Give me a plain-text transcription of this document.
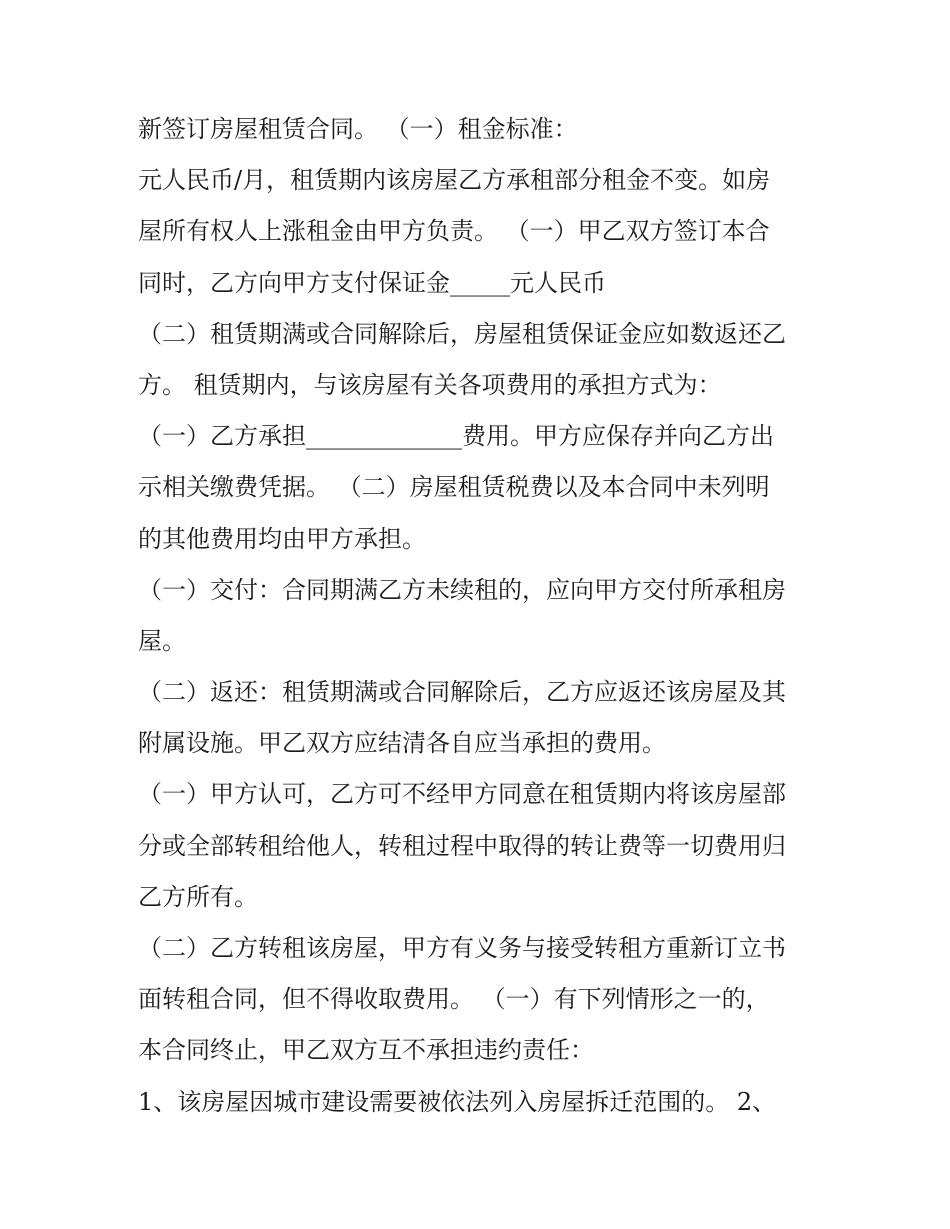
新签订房屋租赁合同。 （一）租金标准：
元人民币/月，租赁期内该房屋乙方承租部分租金不变。如房
屋所有权人上涨租金由甲方负责。 （一）甲乙双方签订本合
同时，乙方向甲方支付保证金_____元人民币
（二）租赁期满或合同解除后，房屋租赁保证金应如数返还乙
方。 租赁期内，与该房屋有关各项费用的承担方式为：
（一）乙方承担_____________费用。甲方应保存并向乙方出
示相关缴费凭据。 （二）房屋租赁税费以及本合同中未列明
的其他费用均由甲方承担。
（一）交付：合同期满乙方未续租的，应向甲方交付所承租房
屋。
（二）返还：租赁期满或合同解除后，乙方应返还该房屋及其
附属设施。甲乙双方应结清各自应当承担的费用。
（一）甲方认可，乙方可不经甲方同意在租赁期内将该房屋部
分或全部转租给他人，转租过程中取得的转让费等一切费用归
乙方所有。
（二）乙方转租该房屋，甲方有义务与接受转租方重新订立书
面转租合同，但不得收取费用。 （一）有下列情形之一的，
本合同终止，甲乙双方互不承担违约责任：
1、该房屋因城市建设需要被依法列入房屋拆迁范围的。 2、
